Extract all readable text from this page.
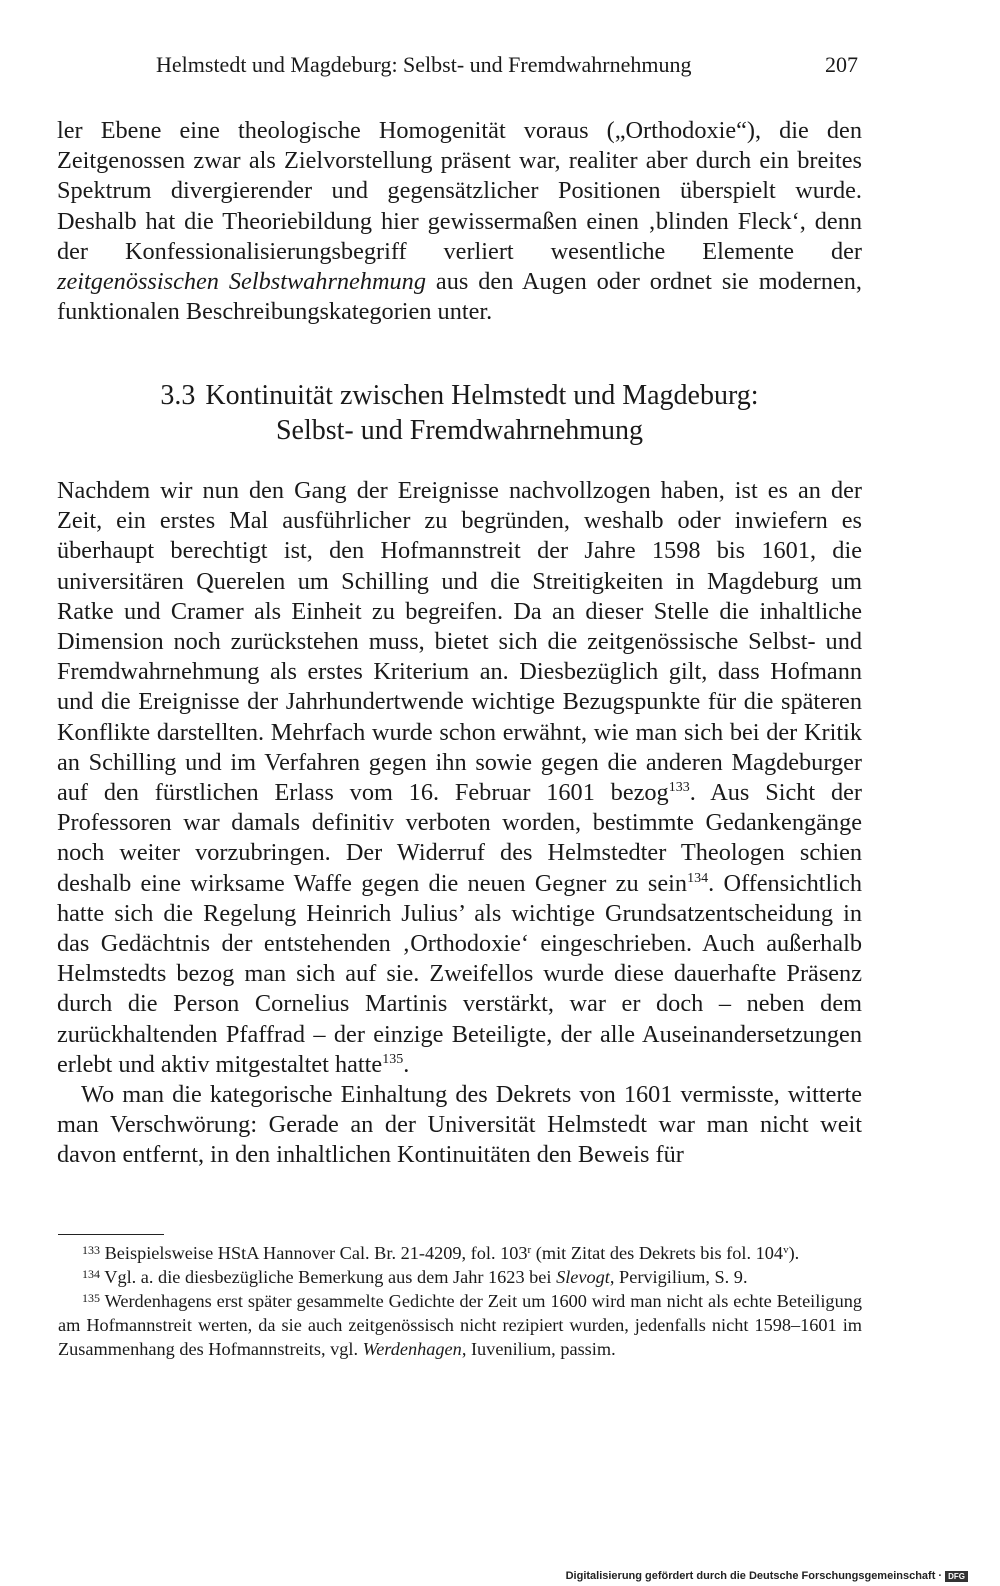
Helmstedt und Magdeburg: Selbst- und Fremdwahrnehmung	207

ler Ebene eine theologische Homogenität voraus („Orthodoxie“), die den Zeitgenossen zwar als Zielvorstellung präsent war, realiter aber durch ein breites Spektrum divergierender und gegensätzlicher Positionen überspielt wurde. Deshalb hat die Theoriebildung hier gewissermaßen einen ‚blinden Fleck‘, denn der Konfessionalisierungsbegriff verliert wesentliche Elemente der zeitgenössischen Selbstwahrnehmung aus den Augen oder ordnet sie modernen, funktionalen Beschreibungskategorien unter.

3.3 Kontinuität zwischen Helmstedt und Magdeburg:
Selbst- und Fremdwahrnehmung

Nachdem wir nun den Gang der Ereignisse nachvollzogen haben, ist es an der Zeit, ein erstes Mal ausführlicher zu begründen, weshalb oder inwiefern es überhaupt berechtigt ist, den Hofmannstreit der Jahre 1598 bis 1601, die universitären Querelen um Schilling und die Streitigkeiten in Magdeburg um Ratke und Cramer als Einheit zu begreifen. Da an dieser Stelle die inhaltliche Dimension noch zurückstehen muss, bietet sich die zeitgenössische Selbst- und Fremdwahrnehmung als erstes Kriterium an. Diesbezüglich gilt, dass Hofmann und die Ereignisse der Jahrhundertwende wichtige Bezugspunkte für die späteren Konflikte darstellten. Mehrfach wurde schon erwähnt, wie man sich bei der Kritik an Schilling und im Verfahren gegen ihn sowie gegen die anderen Magdeburger auf den fürstlichen Erlass vom 16. Februar 1601 bezog$^{133}$. Aus Sicht der Professoren war damals definitiv verboten worden, bestimmte Gedankengänge noch weiter vorzubringen. Der Widerruf des Helmstedter Theologen schien deshalb eine wirksame Waffe gegen die neuen Gegner zu sein$^{134}$. Offensichtlich hatte sich die Regelung Heinrich Julius’ als wichtige Grundsatzentscheidung in das Gedächtnis der entstehenden ‚Orthodoxie‘ eingeschrieben. Auch außerhalb Helmstedts bezog man sich auf sie. Zweifellos wurde diese dauerhafte Präsenz durch die Person Cornelius Martinis verstärkt, war er doch – neben dem zurückhaltenden Pfaffrad – der einzige Beteiligte, der alle Auseinandersetzungen erlebt und aktiv mitgestaltet hatte$^{135}$.

Wo man die kategorische Einhaltung des Dekrets von 1601 vermisste, witterte man Verschwörung: Gerade an der Universität Helmstedt war man nicht weit davon entfernt, in den inhaltlichen Kontinuitäten den Beweis für

$^{133}$ Beispielsweise HStA Hannover Cal. Br. 21-4209, fol. 103$^r$ (mit Zitat des Dekrets bis fol. 104$^v$).

$^{134}$ Vgl. a. die diesbezügliche Bemerkung aus dem Jahr 1623 bei Slevogt, Pervigilium, S. 9.

$^{135}$ Werdenhagens erst später gesammelte Gedichte der Zeit um 1600 wird man nicht als echte Beteiligung am Hofmannstreit werten, da sie auch zeitgenössisch nicht rezipiert wurden, jedenfalls nicht 1598–1601 im Zusammenhang des Hofmannstreits, vgl. Werdenhagen, Iuvenilium, passim.

Digitalisierung gefördert durch die Deutsche Forschungsgemeinschaft · DFG
